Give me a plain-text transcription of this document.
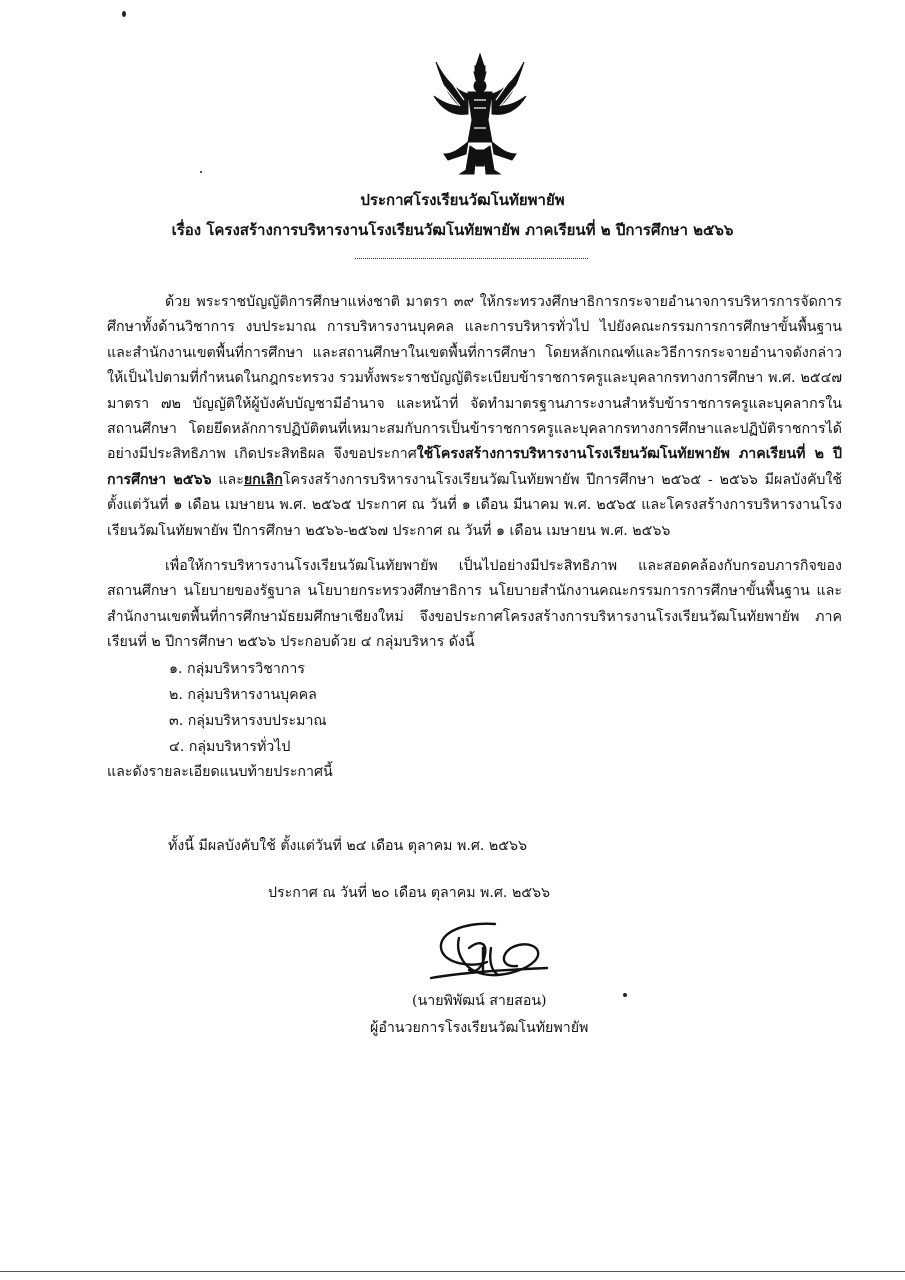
ประกาศโรงเรียนวัฒโนทัยพายัพ
เรื่อง โครงสร้างการบริหารงานโรงเรียนวัฒโนทัยพายัพ ภาคเรียนที่ ๒ ปีการศึกษา ๒๕๖๖

ด้วย พระราชบัญญัติการศึกษาแห่งชาติ มาตรา ๓๙ ให้กระทรวงศึกษาธิการกระจายอำนาจการบริหารการจัดการศึกษาทั้งด้านวิชาการ งบประมาณ การบริหารงานบุคคล และการบริหารทั่วไป ไปยังคณะกรรมการการศึกษาขั้นพื้นฐาน และสำนักงานเขตพื้นที่การศึกษา และสถานศึกษาในเขตพื้นที่การศึกษา โดยหลักเกณฑ์และวิธีการกระจายอำนาจดังกล่าว ให้เป็นไปตามที่กำหนดในกฎกระทรวง รวมทั้งพระราชบัญญัติระเบียบข้าราชการครูและบุคลากรทางการศึกษา พ.ศ. ๒๕๔๗ มาตรา ๗๒ บัญญัติให้ผู้บังคับบัญชามีอำนาจ และหน้าที่ จัดทำมาตรฐานภาระงานสำหรับข้าราชการครูและบุคลากรในสถานศึกษา โดยยึดหลักการปฏิบัติตนที่เหมาะสมกับการเป็นข้าราชการครูและบุคลากรทางการศึกษาและปฏิบัติราชการได้อย่างมีประสิทธิภาพ เกิดประสิทธิผล จึงขอประกาศใช้โครงสร้างการบริหารงานโรงเรียนวัฒโนทัยพายัพ ภาคเรียนที่ ๒ ปีการศึกษา ๒๕๖๖ และยกเลิกโครงสร้างการบริหารงานโรงเรียนวัฒโนทัยพายัพ ปีการศึกษา ๒๕๖๕ - ๒๕๖๖ มีผลบังคับใช้ตั้งแต่วันที่ ๑ เดือน เมษายน พ.ศ. ๒๕๖๕ ประกาศ ณ วันที่ ๑ เดือน มีนาคม พ.ศ. ๒๕๖๕ และโครงสร้างการบริหารงานโรงเรียนวัฒโนทัยพายัพ ปีการศึกษา ๒๕๖๖-๒๕๖๗ ประกาศ ณ วันที่ ๑ เดือน เมษายน พ.ศ. ๒๕๖๖

เพื่อให้การบริหารงานโรงเรียนวัฒโนทัยพายัพ เป็นไปอย่างมีประสิทธิภาพ และสอดคล้องกับกรอบภารกิจของสถานศึกษา นโยบายของรัฐบาล นโยบายกระทรวงศึกษาธิการ นโยบายสำนักงานคณะกรรมการการศึกษาขั้นพื้นฐาน และสำนักงานเขตพื้นที่การศึกษามัธยมศึกษาเชียงใหม่ จึงขอประกาศโครงสร้างการบริหารงานโรงเรียนวัฒโนทัยพายัพ ภาคเรียนที่ ๒ ปีการศึกษา ๒๕๖๖ ประกอบด้วย ๔ กลุ่มบริหาร ดังนี้

๑. กลุ่มบริหารวิชาการ
๒. กลุ่มบริหารงานบุคคล
๓. กลุ่มบริหารงบประมาณ
๔. กลุ่มบริหารทั่วไป

และดังรายละเอียดแนบท้ายประกาศนี้

ทั้งนี้ มีผลบังคับใช้ ตั้งแต่วันที่ ๒๔ เดือน ตุลาคม พ.ศ. ๒๕๖๖
ประกาศ ณ วันที่ ๒๐ เดือน ตุลาคม พ.ศ. ๒๕๖๖
(นายพิพัฒน์ สายสอน)
ผู้อำนวยการโรงเรียนวัฒโนทัยพายัพ
